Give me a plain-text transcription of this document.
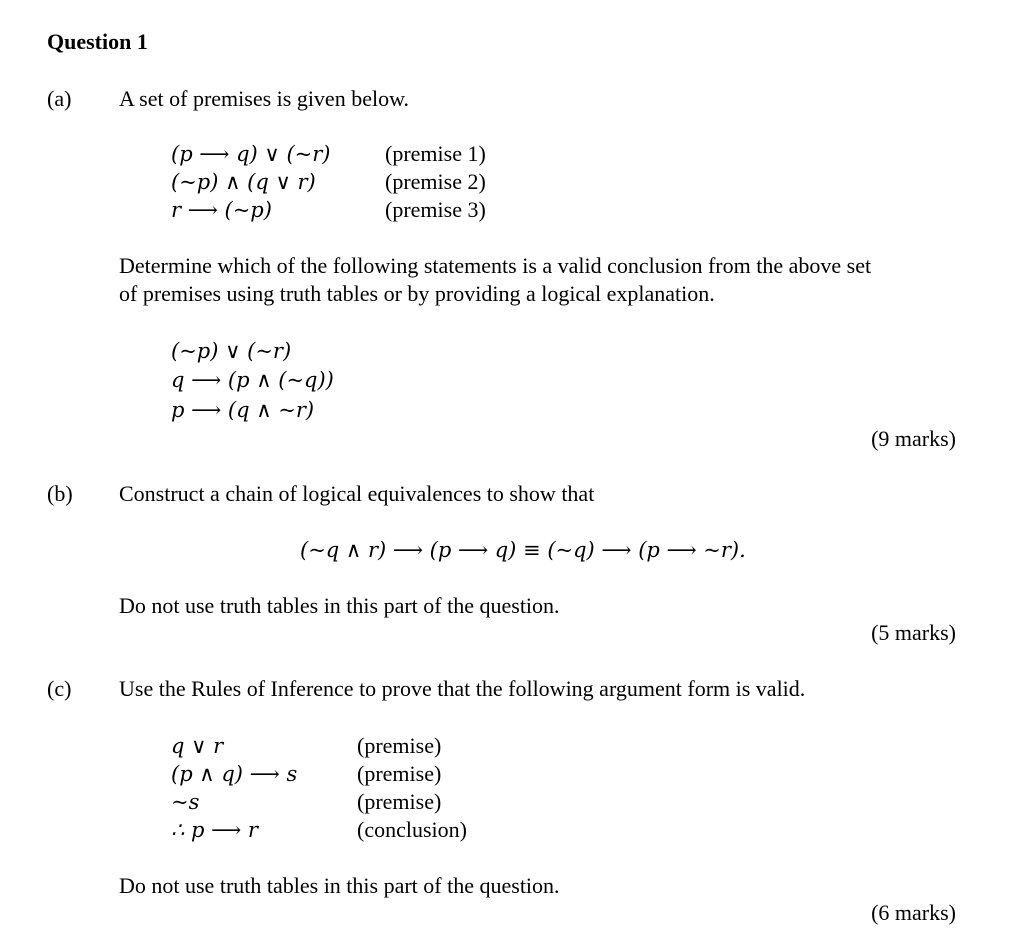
Question 1
(a) A set of premises is given below.
(p ⟶ q) ∨ (~r) (premise 1)
(~p) ∧ (q ∨ r)	(premise 2)
r ⟶ (~p)	(premise 3)
Determine which of the following statements is a valid conclusion from the above set
of premises using truth tables or by providing a logical explanation.
(~p) ∨ (~r)
q ⟶ (p ∧ (~q))
p ⟶ (q ∧ ~r)
(9 marks)
(b) Construct a chain of logical equivalences to show that
(~q ∧ r) ⟶ (p ⟶ q) ≡ (~q) ⟶ (p ⟶ ~r).
Do not use truth tables in this part of the question.
(5 marks)
(c) Use the Rules of Inference to prove that the following argument form is valid.
q ∨ r	(premise)
(p ∧ q) ⟶ s	(premise)
~s	(premise)
∴ p ⟶ r	(conclusion)
Do not use truth tables in this part of the question.
(6 marks)
